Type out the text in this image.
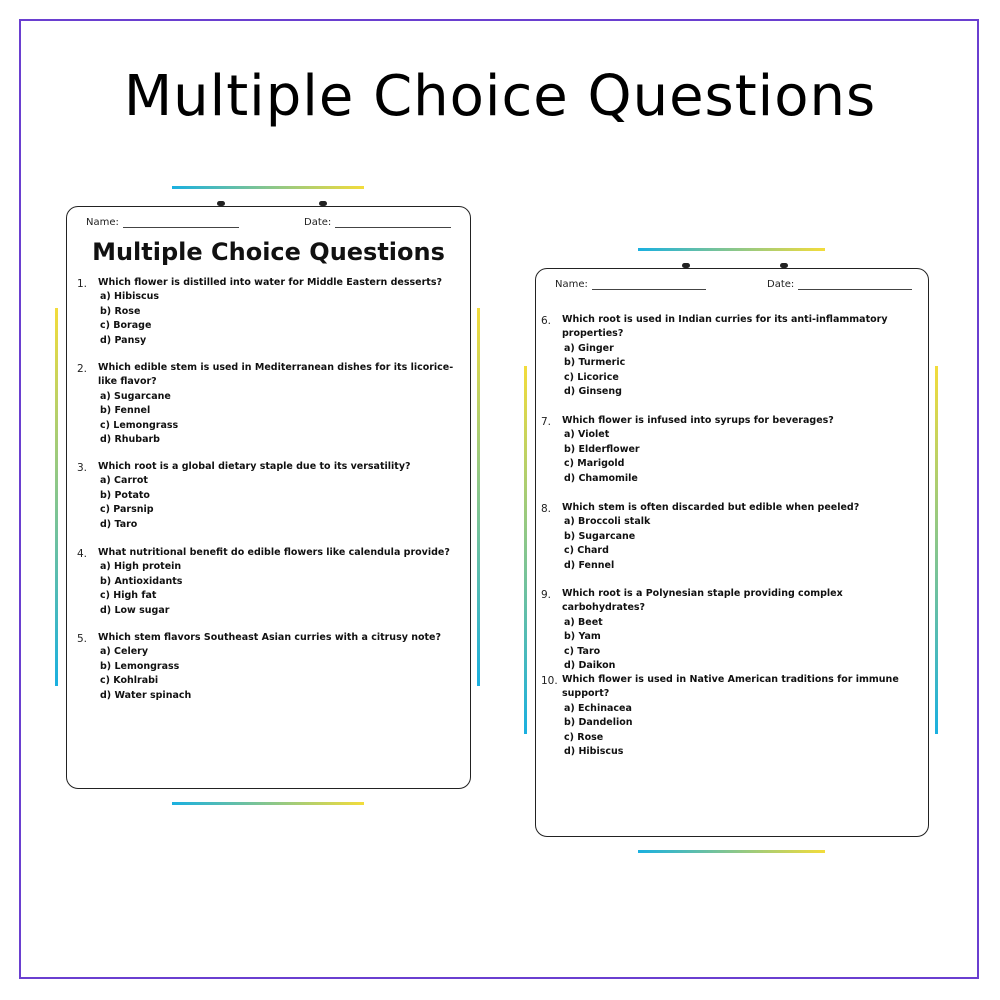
Multiple Choice Questions
Name:	Date:
Multiple Choice Questions
1. Which flower is distilled into water for Middle Eastern desserts?
a) Hibiscus
b) Rose
c) Borage
d) Pansy
2. Which edible stem is used in Mediterranean dishes for its licorice-like flavor?
a) Sugarcane
b) Fennel
c) Lemongrass
d) Rhubarb
3. Which root is a global dietary staple due to its versatility?
a) Carrot
b) Potato
c) Parsnip
d) Taro
4. What nutritional benefit do edible flowers like calendula provide?
a) High protein
b) Antioxidants
c) High fat
d) Low sugar
5. Which stem flavors Southeast Asian curries with a citrusy note?
a) Celery
b) Lemongrass
c) Kohlrabi
d) Water spinach
Name:	Date:
6. Which root is used in Indian curries for its anti-inflammatory properties?
a) Ginger
b) Turmeric
c) Licorice
d) Ginseng
7. Which flower is infused into syrups for beverages?
a) Violet
b) Elderflower
c) Marigold
d) Chamomile
8. Which stem is often discarded but edible when peeled?
a) Broccoli stalk
b) Sugarcane
c) Chard
d) Fennel
9. Which root is a Polynesian staple providing complex carbohydrates?
a) Beet
b) Yam
c) Taro
d) Daikon
10. Which flower is used in Native American traditions for immune support?
a) Echinacea
b) Dandelion
c) Rose
d) Hibiscus
